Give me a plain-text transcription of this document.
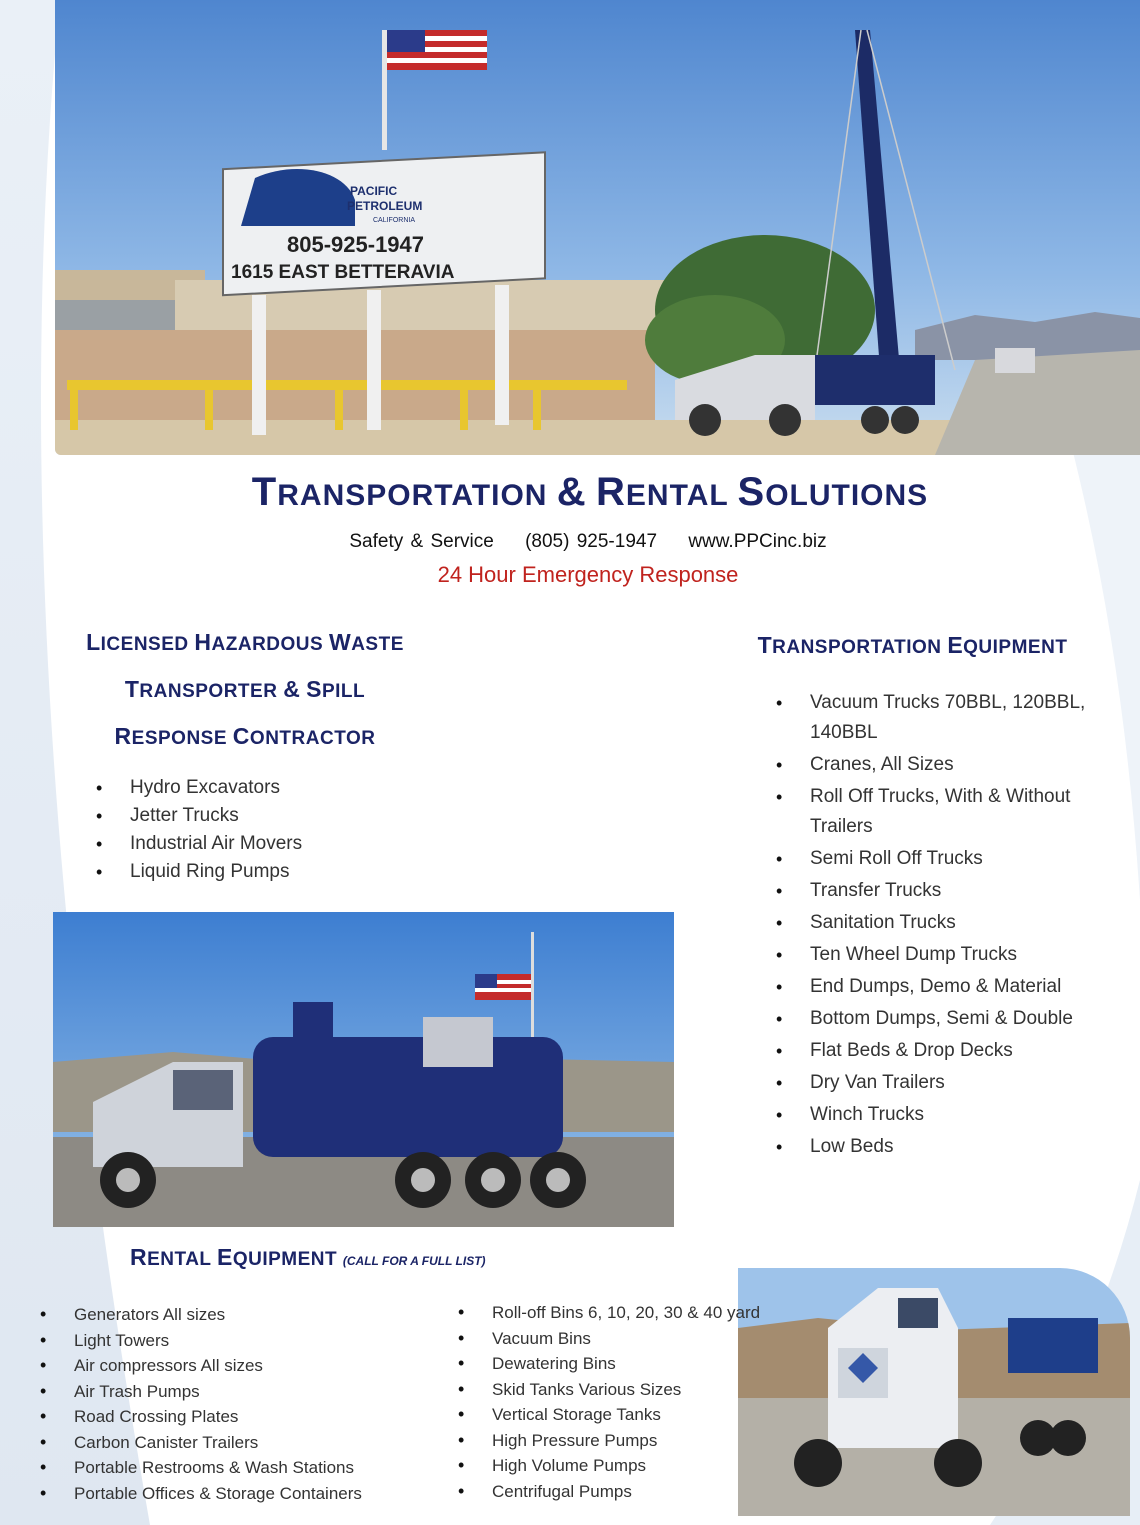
PACIFIC
PETROLEUM
CALIFORNIA
805-925-1947
1615 EAST BETTERAVIA
TRANSPORTATION & RENTAL SOLUTIONS
Safety & Service (805) 925-1947 www.PPCinc.biz
24 Hour Emergency Response
LICENSED HAZARDOUS WASTE
TRANSPORTER & SPILL
RESPONSE CONTRACTOR
• Hydro Excavators
• Jetter Trucks
• Industrial Air Movers
• Liquid Ring Pumps
TRANSPORTATION EQUIPMENT
• Vacuum Trucks 70BBL, 120BBL, 140BBL
• Cranes, All Sizes
• Roll Off Trucks, With & Without Trailers
• Semi Roll Off Trucks
• Transfer Trucks
• Sanitation Trucks
• Ten Wheel Dump Trucks
• End Dumps, Demo & Material
• Bottom Dumps, Semi & Double
• Flat Beds & Drop Decks
• Dry Van Trailers
• Winch Trucks
• Low Beds
RENTAL EQUIPMENT (CALL FOR A FULL LIST)
• Generators All sizes
• Light Towers
• Air compressors All sizes
• Air Trash Pumps
• Road Crossing Plates
• Carbon Canister Trailers
• Portable Restrooms & Wash Stations
• Portable Offices & Storage Containers
• Roll-off Bins 6, 10, 20, 30 & 40 yard
• Vacuum Bins
• Dewatering Bins
• Skid Tanks Various Sizes
• Vertical Storage Tanks
• High Pressure Pumps
• High Volume Pumps
• Centrifugal Pumps
